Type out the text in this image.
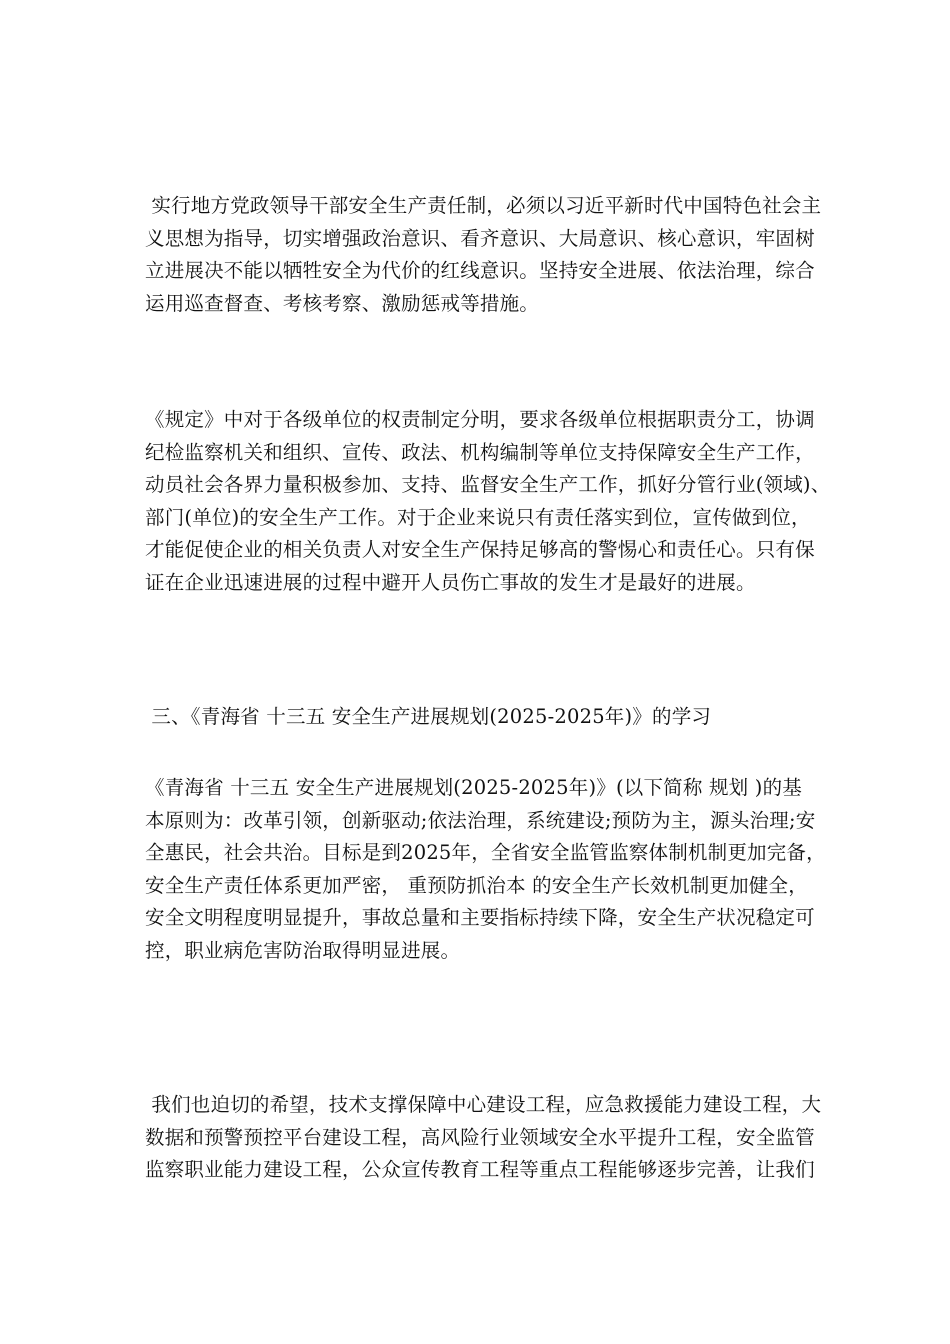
实行地方党政领导干部安全生产责任制，必须以习近平新时代中国特色社会主
义思想为指导，切实增强政治意识、看齐意识、大局意识、核心意识，牢固树
立进展决不能以牺牲安全为代价的红线意识。坚持安全进展、依法治理，综合
运用巡查督查、考核考察、激励惩戒等措施。

《规定》中对于各级单位的权责制定分明，要求各级单位根据职责分工，协调
纪检监察机关和组织、宣传、政法、机构编制等单位支持保障安全生产工作，
动员社会各界力量积极参加、支持、监督安全生产工作，抓好分管行业(领域)、
部门(单位)的安全生产工作。对于企业来说只有责任落实到位，宣传做到位，
才能促使企业的相关负责人对安全生产保持足够高的警惕心和责任心。只有保
证在企业迅速进展的过程中避开人员伤亡事故的发生才是最好的进展。

三、《青海省 十三五 安全生产进展规划(2025-2025年)》的学习

《青海省 十三五 安全生产进展规划(2025-2025年)》(以下简称 规划 )的基
本原则为：改革引领，创新驱动;依法治理，系统建设;预防为主，源头治理;安
全惠民，社会共治。目标是到2025年，全省安全监管监察体制机制更加完备，
安全生产责任体系更加严密， 重预防抓治本 的安全生产长效机制更加健全，
安全文明程度明显提升，事故总量和主要指标持续下降，安全生产状况稳定可
控，职业病危害防治取得明显进展。

我们也迫切的希望，技术支撑保障中心建设工程，应急救援能力建设工程，大
数据和预警预控平台建设工程，高风险行业领域安全水平提升工程，安全监管
监察职业能力建设工程，公众宣传教育工程等重点工程能够逐步完善，让我们
